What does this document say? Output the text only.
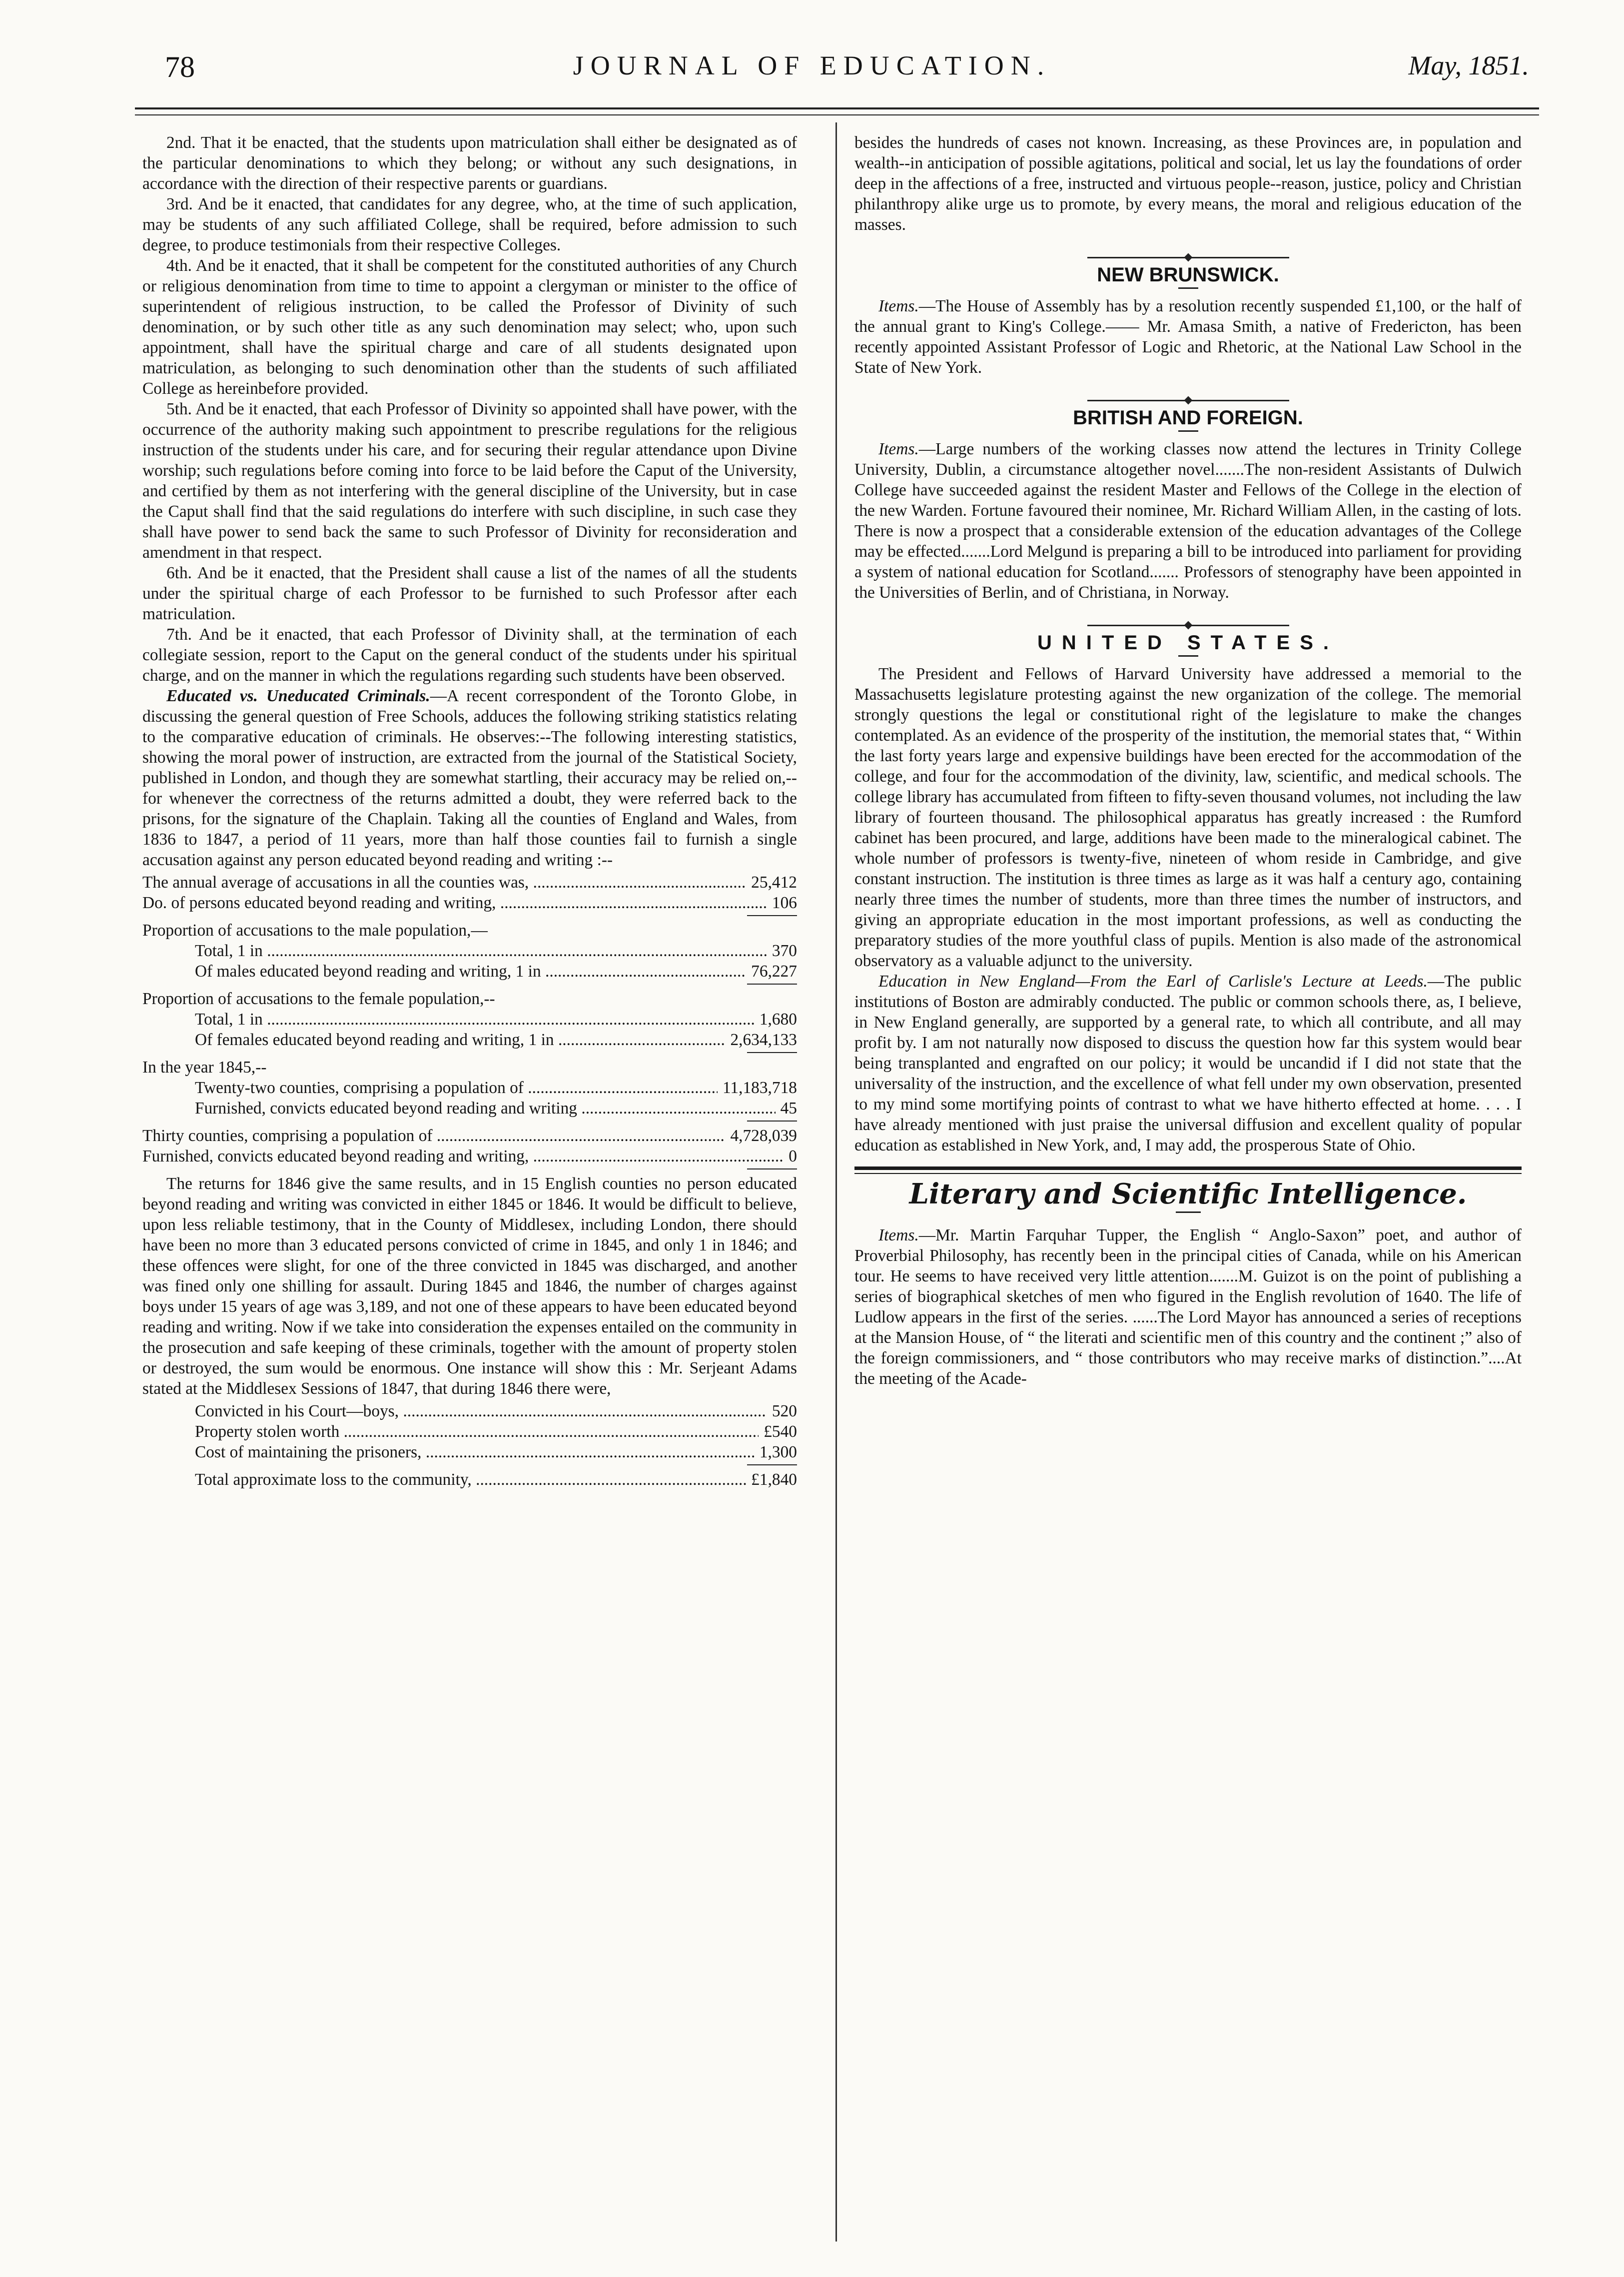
78	JOURNAL OF EDUCATION.	May, 1851.

2nd. That it be enacted, that the students upon matriculation shall either be designated as of the particular denominations to which they belong; or without any such designations, in accordance with the direction of their respective parents or guardians.

3rd. And be it enacted, that candidates for any degree, who, at the time of such application, may be students of any such affiliated College, shall be required, before admission to such degree, to produce testimonials from their respective Colleges.

4th. And be it enacted, that it shall be competent for the constituted authorities of any Church or religious denomination from time to time to appoint a clergyman or minister to the office of superintendent of religious instruction, to be called the Professor of Divinity of such denomination, or by such other title as any such denomination may select; who, upon such appointment, shall have the spiritual charge and care of all students designated upon matriculation, as belonging to such denomination other than the students of such affiliated College as hereinbefore provided.

5th. And be it enacted, that each Professor of Divinity so appointed shall have power, with the occurrence of the authority making such appointment to prescribe regulations for the religious instruction of the students under his care, and for securing their regular attendance upon Divine worship; such regulations before coming into force to be laid before the Caput of the University, and certified by them as not interfering with the general discipline of the University, but in case the Caput shall find that the said regulations do interfere with such discipline, in such case they shall have power to send back the same to such Professor of Divinity for reconsideration and amendment in that respect.

6th. And be it enacted, that the President shall cause a list of the names of all the students under the spiritual charge of each Professor to be furnished to such Professor after each matriculation.

7th. And be it enacted, that each Professor of Divinity shall, at the termination of each collegiate session, report to the Caput on the general conduct of the students under his spiritual charge, and on the manner in which the regulations regarding such students have been observed.

Educated vs. Uneducated Criminals.—A recent correspondent of the Toronto Globe, in discussing the general question of Free Schools, adduces the following striking statistics relating to the comparative education of criminals. He observes:--The following interesting statistics, showing the moral power of instruction, are extracted from the journal of the Statistical Society, published in London, and though they are somewhat startling, their accuracy may be relied on,--for whenever the correctness of the returns admitted a doubt, they were referred back to the prisons, for the signature of the Chaplain. Taking all the counties of England and Wales, from 1836 to 1847, a period of 11 years, more than half those counties fail to furnish a single accusation against any person educated beyond reading and writing :--

The annual average of accusations in all the counties was, .....	25,412
Do. of persons educated beyond reading and writing, .....	106
Proportion of accusations to the male population,—
Total, 1 in .....	370
Of males educated beyond reading and writing, 1 in .....	76,227
Proportion of accusations to the female population,--
Total, 1 in .....	1,680
Of females educated beyond reading and writing, 1 in .....	2,634,133
In the year 1845,--
Twenty-two counties, comprising a population of .....	11,183,718
Furnished, convicts educated beyond reading and writing .....	45
Thirty counties, comprising a population of .....	4,728,039
Furnished, convicts educated beyond reading and writing, .....	0

The returns for 1846 give the same results, and in 15 English counties no person educated beyond reading and writing was convicted in either 1845 or 1846. It would be difficult to believe, upon less reliable testimony, that in the County of Middlesex, including London, there should have been no more than 3 educated persons convicted of crime in 1845, and only 1 in 1846; and these offences were slight, for one of the three convicted in 1845 was discharged, and another was fined only one shilling for assault. During 1845 and 1846, the number of charges against boys under 15 years of age was 3,189, and not one of these appears to have been educated beyond reading and writing. Now if we take into consideration the expenses entailed on the community in the prosecution and safe keeping of these criminals, together with the amount of property stolen or destroyed, the sum would be enormous. One instance will show this : Mr. Serjeant Adams stated at the Middlesex Sessions of 1847, that during 1846 there were,

Convicted in his Court—boys, .....	520
Property stolen worth .....	£540
Cost of maintaining the prisoners, .....	1,300
Total approximate loss to the community, .....	£1,840

besides the hundreds of cases not known. Increasing, as these Provinces are, in population and wealth--in anticipation of possible agitations, political and social, let us lay the foundations of order deep in the affections of a free, instructed and virtuous people--reason, justice, policy and Christian philanthropy alike urge us to promote, by every means, the moral and religious education of the masses.

NEW BRUNSWICK.

Items.—The House of Assembly has by a resolution recently suspended £1,100, or the half of the annual grant to King's College.—— Mr. Amasa Smith, a native of Fredericton, has been recently appointed Assistant Professor of Logic and Rhetoric, at the National Law School in the State of New York.

BRITISH AND FOREIGN.

Items.—Large numbers of the working classes now attend the lectures in Trinity College University, Dublin, a circumstance altogether novel.......The non-resident Assistants of Dulwich College have succeeded against the resident Master and Fellows of the College in the election of the new Warden. Fortune favoured their nominee, Mr. Richard William Allen, in the casting of lots. There is now a prospect that a considerable extension of the education advantages of the College may be effected.......Lord Melgund is preparing a bill to be introduced into parliament for providing a system of national education for Scotland....... Professors of stenography have been appointed in the Universities of Berlin, and of Christiana, in Norway.

UNITED STATES.

The President and Fellows of Harvard University have addressed a memorial to the Massachusetts legislature protesting against the new organization of the college. The memorial strongly questions the legal or constitutional right of the legislature to make the changes contemplated. As an evidence of the prosperity of the institution, the memorial states that, “ Within the last forty years large and expensive buildings have been erected for the accommodation of the college, and four for the accommodation of the divinity, law, scientific, and medical schools. The college library has accumulated from fifteen to fifty-seven thousand volumes, not including the law library of fourteen thousand. The philosophical apparatus has greatly increased : the Rumford cabinet has been procured, and large, additions have been made to the mineralogical cabinet. The whole number of professors is twenty-five, nineteen of whom reside in Cambridge, and give constant instruction. The institution is three times as large as it was half a century ago, containing nearly three times the number of students, more than three times the number of instructors, and giving an appropriate education in the most important professions, as well as conducting the preparatory studies of the more youthful class of pupils. Mention is also made of the astronomical observatory as a valuable adjunct to the university.

Education in New England—From the Earl of Carlisle's Lecture at Leeds.—The public institutions of Boston are admirably conducted. The public or common schools there, as, I believe, in New England generally, are supported by a general rate, to which all contribute, and all may profit by. I am not naturally now disposed to discuss the question how far this system would bear being transplanted and engrafted on our policy; it would be uncandid if I did not state that the universality of the instruction, and the excellence of what fell under my own observation, presented to my mind some mortifying points of contrast to what we have hitherto effected at home. . . . I have already mentioned with just praise the universal diffusion and excellent quality of popular education as established in New York, and, I may add, the prosperous State of Ohio.

Literary and Scientific Intelligence.

Items.—Mr. Martin Farquhar Tupper, the English “ Anglo-Saxon” poet, and author of Proverbial Philosophy, has recently been in the principal cities of Canada, while on his American tour. He seems to have received very little attention.......M. Guizot is on the point of publishing a series of biographical sketches of men who figured in the English revolution of 1640. The life of Ludlow appears in the first of the series. ......The Lord Mayor has announced a series of receptions at the Mansion House, of “ the literati and scientific men of this country and the continent ;” also of the foreign commissioners, and “ those contributors who may receive marks of distinction.”....At the meeting of the Acade-
